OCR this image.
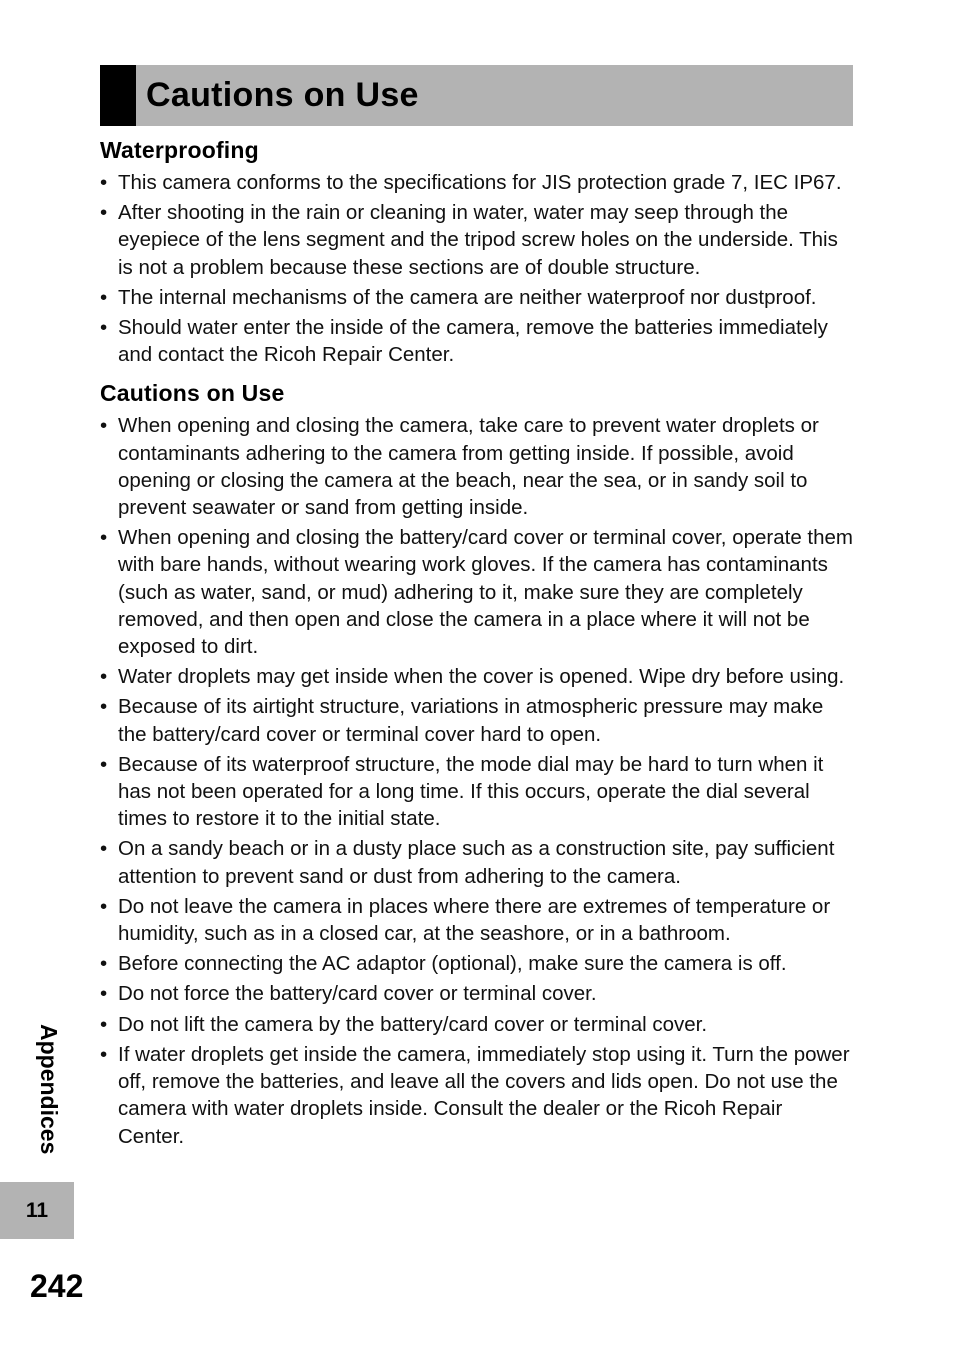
Cautions on Use
Waterproofing
• This camera conforms to the specifications for JIS protection grade 7, IEC IP67.
• After shooting in the rain or cleaning in water, water may seep through the eyepiece of the lens segment and the tripod screw holes on the underside. This is not a problem because these sections are of double structure.
• The internal mechanisms of the camera are neither waterproof nor dustproof.
• Should water enter the inside of the camera, remove the batteries immediately and contact the Ricoh Repair Center.
Cautions on Use
• When opening and closing the camera, take care to prevent water droplets or contaminants adhering to the camera from getting inside. If possible, avoid opening or closing the camera at the beach, near the sea, or in sandy soil to prevent seawater or sand from getting inside.
• When opening and closing the battery/card cover or terminal cover, operate them with bare hands, without wearing work gloves. If the camera has contaminants (such as water, sand, or mud) adhering to it, make sure they are completely removed, and then open and close the camera in a place where it will not be exposed to dirt.
• Water droplets may get inside when the cover is opened. Wipe dry before using.
• Because of its airtight structure, variations in atmospheric pressure may make the battery/card cover or terminal cover hard to open.
• Because of its waterproof structure, the mode dial may be hard to turn when it has not been operated for a long time. If this occurs, operate the dial several times to restore it to the initial state.
• On a sandy beach or in a dusty place such as a construction site, pay sufficient attention to prevent sand or dust from adhering to the camera.
• Do not leave the camera in places where there are extremes of temperature or humidity, such as in a closed car, at the seashore, or in a bathroom.
• Before connecting the AC adaptor (optional), make sure the camera is off.
• Do not force the battery/card cover or terminal cover.
• Do not lift the camera by the battery/card cover or terminal cover.
• If water droplets get inside the camera, immediately stop using it. Turn the power off, remove the batteries, and leave all the covers and lids open. Do not use the camera with water droplets inside. Consult the dealer or the Ricoh Repair Center.
Appendices
11
242
